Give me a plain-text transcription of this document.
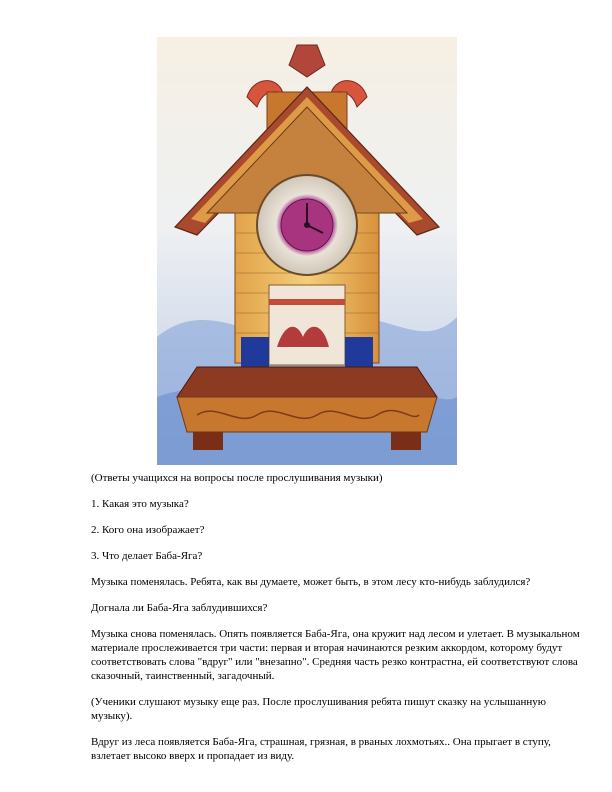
(Ответы учащихся на вопросы после прослушивания музыки)

1. Какая это музыка?

2. Кого она изображает?

3. Что делает Баба-Яга?

Музыка поменялась. Ребята, как вы думаете, может быть, в этом лесу кто-нибудь заблудился?

Догнала ли Баба-Яга заблудившихся?

Музыка снова поменялась. Опять появляется Баба-Яга, она кружит над лесом и улетает. В музыкальном материале прослеживается три части: первая и вторая начинаются резким аккордом, которому будут соответствовать слова "вдруг" или "внезапно". Средняя часть резко контрастна, ей соответствуют слова сказочный, таинственный, загадочный.

(Ученики слушают музыку еще раз. После прослушивания ребята пишут сказку на услышанную музыку).

Вдруг из леса появляется Баба-Яга, страшная, грязная, в рваных лохмотьях.. Она прыгает в ступу, взлетает высоко вверх и пропадает из виду.
